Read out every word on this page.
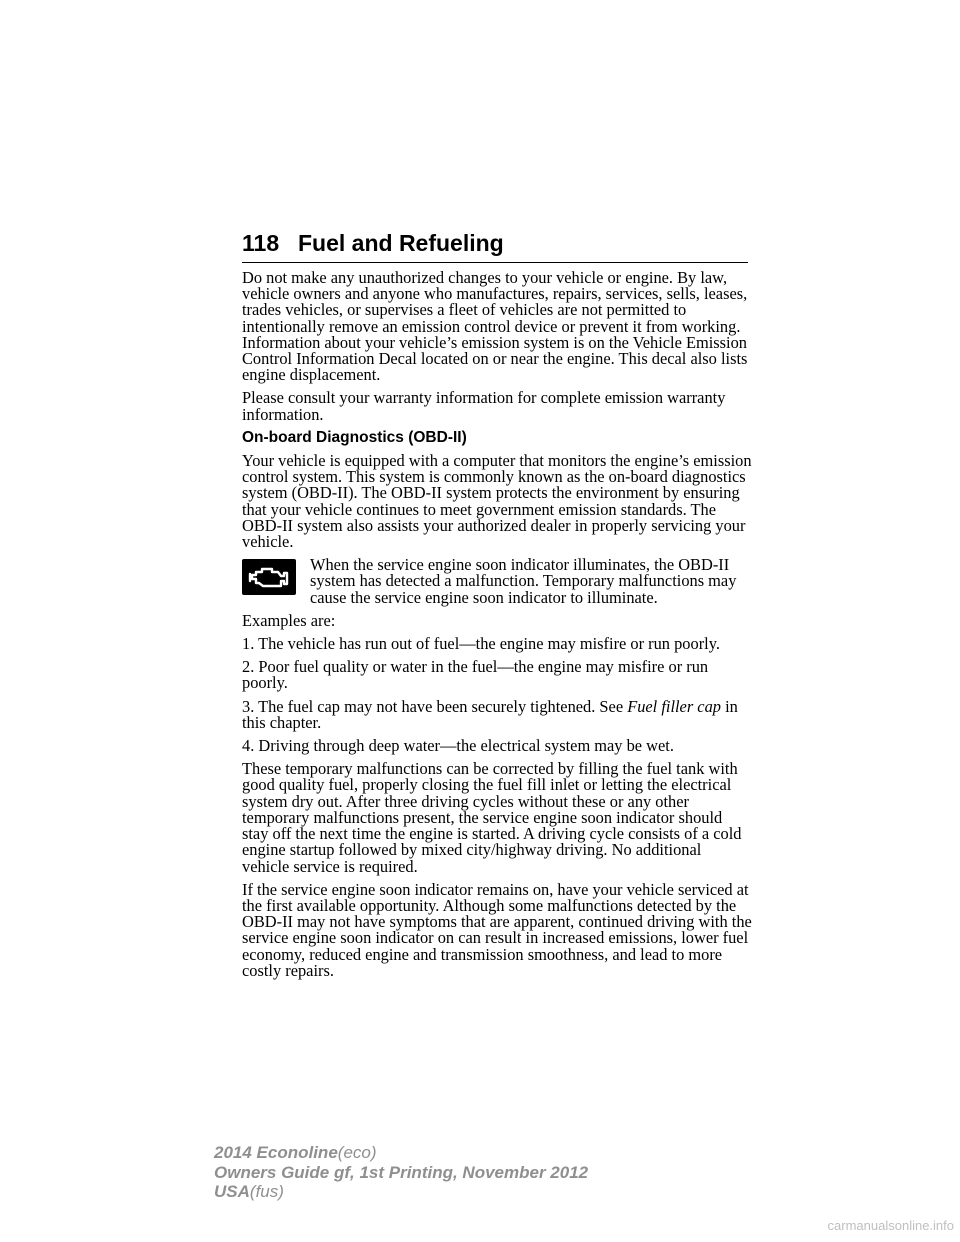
118 Fuel and Refueling

Do not make any unauthorized changes to your vehicle or engine. By law, vehicle owners and anyone who manufactures, repairs, services, sells, leases, trades vehicles, or supervises a fleet of vehicles are not permitted to intentionally remove an emission control device or prevent it from working. Information about your vehicle’s emission system is on the Vehicle Emission Control Information Decal located on or near the engine. This decal also lists engine displacement.

Please consult your warranty information for complete emission warranty information.

On-board Diagnostics (OBD-II)

Your vehicle is equipped with a computer that monitors the engine’s emission control system. This system is commonly known as the on-board diagnostics system (OBD-II). The OBD-II system protects the environment by ensuring that your vehicle continues to meet government emission standards. The OBD-II system also assists your authorized dealer in properly servicing your vehicle.

When the service engine soon indicator illuminates, the OBD-II system has detected a malfunction. Temporary malfunctions may cause the service engine soon indicator to illuminate.

Examples are:

1. The vehicle has run out of fuel—the engine may misfire or run poorly.

2. Poor fuel quality or water in the fuel—the engine may misfire or run poorly.

3. The fuel cap may not have been securely tightened. See Fuel filler cap in this chapter.

4. Driving through deep water—the electrical system may be wet.

These temporary malfunctions can be corrected by filling the fuel tank with good quality fuel, properly closing the fuel fill inlet or letting the electrical system dry out. After three driving cycles without these or any other temporary malfunctions present, the service engine soon indicator should stay off the next time the engine is started. A driving cycle consists of a cold engine startup followed by mixed city/highway driving. No additional vehicle service is required.

If the service engine soon indicator remains on, have your vehicle serviced at the first available opportunity. Although some malfunctions detected by the OBD-II may not have symptoms that are apparent, continued driving with the service engine soon indicator on can result in increased emissions, lower fuel economy, reduced engine and transmission smoothness, and lead to more costly repairs.

2014 Econoline(eco)
Owners Guide gf, 1st Printing, November 2012
USA(fus)
carmanualsonline.info
